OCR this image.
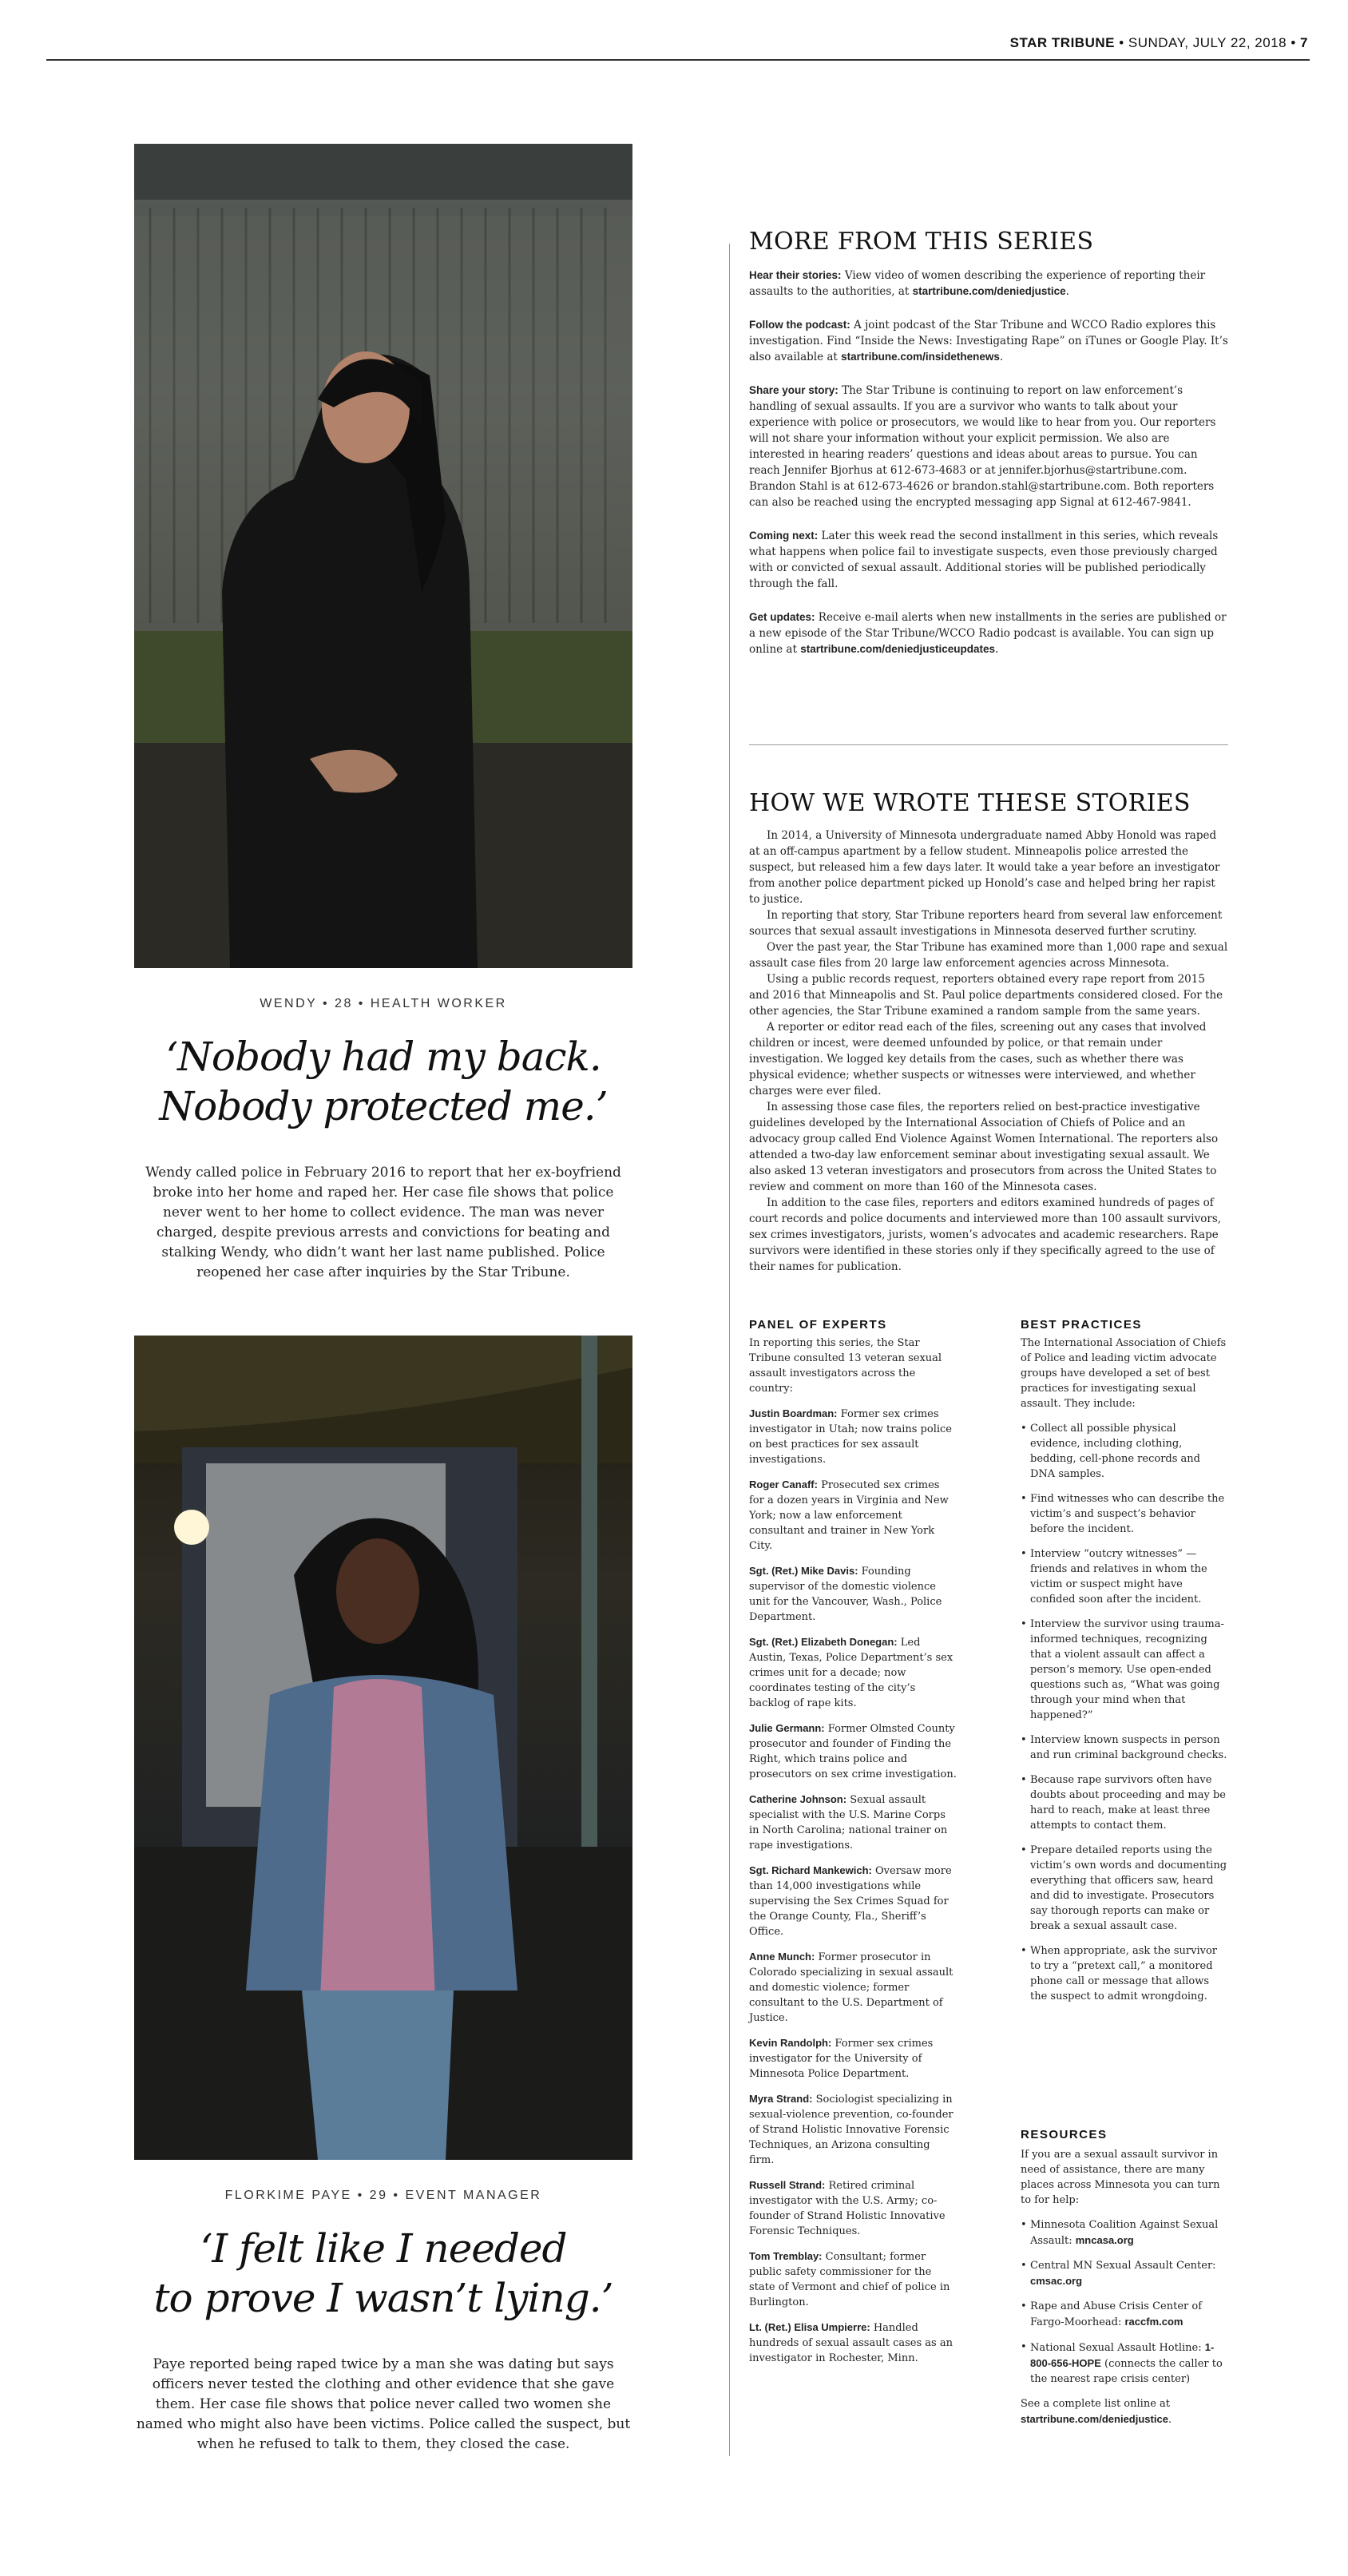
STAR TRIBUNE • SUNDAY, JULY 22, 2018 • 7
WENDY • 28 • HEALTH WORKER
‘Nobody had my back.
Nobody protected me.’
Wendy called police in February 2016 to report that her ex-boyfriend broke into her home and raped her. Her case file shows that police never went to her home to collect evidence. The man was never charged, despite previous arrests and convictions for beating and stalking Wendy, who didn’t want her last name published. Police reopened her case after inquiries by the Star Tribune.
FLORKIME PAYE • 29 • EVENT MANAGER
‘I felt like I needed
to prove I wasn’t lying.’
Paye reported being raped twice by a man she was dating but says officers never tested the clothing and other evidence that she gave them. Her case file shows that police never called two women she named who might also have been victims. Police called the suspect, but when he refused to talk to them, they closed the case.
MORE FROM THIS SERIES

Hear their stories: View video of women describing the experience of reporting their assaults to the authorities, at startribune.com/deniedjustice.

Follow the podcast: A joint podcast of the Star Tribune and WCCO Radio explores this investigation. Find “Inside the News: Investigating Rape” on iTunes or Google Play. It’s also available at startribune.com/insidethenews.

Share your story: The Star Tribune is continuing to report on law enforcement’s handling of sexual assaults. If you are a survivor who wants to talk about your experience with police or prosecutors, we would like to hear from you. Our reporters will not share your information without your explicit permission. We also are interested in hearing readers’ questions and ideas about areas to pursue. You can reach Jennifer Bjorhus at 612-673-4683 or at jennifer.bjorhus@startribune.com. Brandon Stahl is at 612-673-4626 or brandon.stahl@startribune.com. Both reporters can also be reached using the encrypted messaging app Signal at 612-467-9841.

Coming next: Later this week read the second installment in this series, which reveals what happens when police fail to investigate suspects, even those previously charged with or convicted of sexual assault. Additional stories will be published periodically through the fall.

Get updates: Receive e-mail alerts when new installments in the series are published or a new episode of the Star Tribune/WCCO Radio podcast is available. You can sign up online at startribune.com/deniedjusticeupdates.

HOW WE WROTE THESE STORIES

In 2014, a University of Minnesota undergraduate named Abby Honold was raped at an off-campus apartment by a fellow student. Minneapolis police arrested the suspect, but released him a few days later. It would take a year before an investigator from another police department picked up Honold’s case and helped bring her rapist to justice.

In reporting that story, Star Tribune reporters heard from several law enforcement sources that sexual assault investigations in Minnesota deserved further scrutiny.

Over the past year, the Star Tribune has examined more than 1,000 rape and sexual assault case files from 20 large law enforcement agencies across Minnesota.

Using a public records request, reporters obtained every rape report from 2015 and 2016 that Minneapolis and St. Paul police departments considered closed. For the other agencies, the Star Tribune examined a random sample from the same years.

A reporter or editor read each of the files, screening out any cases that involved children or incest, were deemed unfounded by police, or that remain under investigation. We logged key details from the cases, such as whether there was physical evidence; whether suspects or witnesses were interviewed, and whether charges were ever filed.

In assessing those case files, the reporters relied on best-practice investigative guidelines developed by the International Association of Chiefs of Police and an advocacy group called End Violence Against Women International. The reporters also attended a two-day law enforcement seminar about investigating sexual assault. We also asked 13 veteran investigators and prosecutors from across the United States to review and comment on more than 160 of the Minnesota cases.

In addition to the case files, reporters and editors examined hundreds of pages of court records and police documents and interviewed more than 100 assault survivors, sex crimes investigators, jurists, women’s advocates and academic researchers. Rape survivors were identified in these stories only if they specifically agreed to the use of their names for publication.

PANEL OF EXPERTS

In reporting this series, the Star Tribune consulted 13 veteran sexual assault investigators across the country:

Justin Boardman: Former sex crimes investigator in Utah; now trains police on best practices for sex assault investigations.

Roger Canaff: Prosecuted sex crimes for a dozen years in Virginia and New York; now a law enforcement consultant and trainer in New York City.

Sgt. (Ret.) Mike Davis: Founding supervisor of the domestic violence unit for the Vancouver, Wash., Police Department.

Sgt. (Ret.) Elizabeth Donegan: Led Austin, Texas, Police Department’s sex crimes unit for a decade; now coordinates testing of the city’s backlog of rape kits.

Julie Germann: Former Olmsted County prosecutor and founder of Finding the Right, which trains police and prosecutors on sex crime investigation.

Catherine Johnson: Sexual assault specialist with the U.S. Marine Corps in North Carolina; national trainer on rape investigations.

Sgt. Richard Mankewich: Oversaw more than 14,000 investigations while supervising the Sex Crimes Squad for the Orange County, Fla., Sheriff’s Office.

Anne Munch: Former prosecutor in Colorado specializing in sexual assault and domestic violence; former consultant to the U.S. Department of Justice.

Kevin Randolph: Former sex crimes investigator for the University of Minnesota Police Department.

Myra Strand: Sociologist specializing in sexual-violence prevention, co-founder of Strand Holistic Innovative Forensic Techniques, an Arizona consulting firm.

Russell Strand: Retired criminal investigator with the U.S. Army; co-founder of Strand Holistic Innovative Forensic Techniques.

Tom Tremblay: Consultant; former public safety commissioner for the state of Vermont and chief of police in Burlington.

Lt. (Ret.) Elisa Umpierre: Handled hundreds of sexual assault cases as an investigator in Rochester, Minn.

BEST PRACTICES

The International Association of Chiefs of Police and leading victim advocate groups have developed a set of best practices for investigating sexual assault. They include:

• Collect all possible physical evidence, including clothing, bedding, cell-phone records and DNA samples.
• Find witnesses who can describe the victim’s and suspect’s behavior before the incident.
• Interview “outcry witnesses” — friends and relatives in whom the victim or suspect might have confided soon after the incident.
• Interview the survivor using trauma-informed techniques, recognizing that a violent assault can affect a person’s memory. Use open-ended questions such as, “What was going through your mind when that happened?”
• Interview known suspects in person and run criminal background checks.
• Because rape survivors often have doubts about proceeding and may be hard to reach, make at least three attempts to contact them.
• Prepare detailed reports using the victim’s own words and documenting everything that officers saw, heard and did to investigate. Prosecutors say thorough reports can make or break a sexual assault case.
• When appropriate, ask the survivor to try a “pretext call,” a monitored phone call or message that allows the suspect to admit wrongdoing.
RESOURCES

If you are a sexual assault survivor in need of assistance, there are many places across Minnesota you can turn to for help:

• Minnesota Coalition Against Sexual Assault: mncasa.org
• Central MN Sexual Assault Center: cmsac.org
• Rape and Abuse Crisis Center of Fargo-Moorhead: raccfm.com
• National Sexual Assault Hotline: 1-800-656-HOPE (connects the caller to the nearest rape crisis center)

See a complete list online at startribune.com/deniedjustice.
